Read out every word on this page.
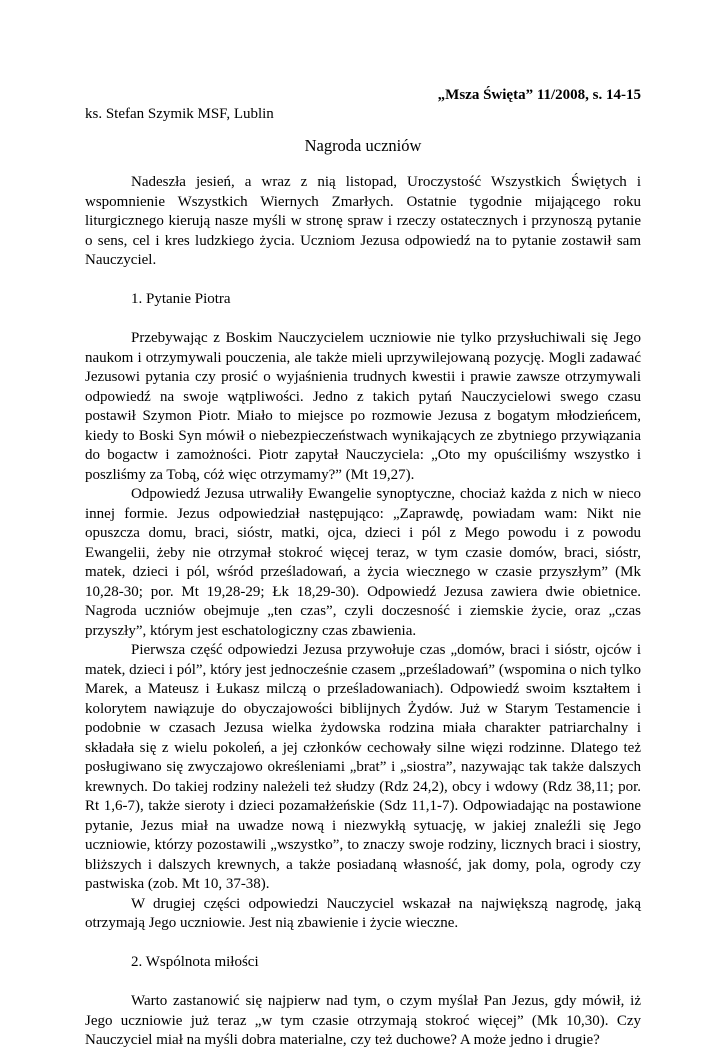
„Msza Święta” 11/2008, s. 14-15
ks. Stefan Szymik MSF, Lublin
Nagroda uczniów

Nadeszła jesień, a wraz z nią listopad, Uroczystość Wszystkich Świętych i wspomnienie Wszystkich Wiernych Zmarłych. Ostatnie tygodnie mijającego roku liturgicznego kierują nasze myśli w stronę spraw i rzeczy ostatecznych i przynoszą pytanie o sens, cel i kres ludzkiego życia. Uczniom Jezusa odpowiedź na to pytanie zostawił sam Nauczyciel.

1. Pytanie Piotra

Przebywając z Boskim Nauczycielem uczniowie nie tylko przysłuchiwali się Jego naukom i otrzymywali pouczenia, ale także mieli uprzywilejowaną pozycję. Mogli zadawać Jezusowi pytania czy prosić o wyjaśnienia trudnych kwestii i prawie zawsze otrzymywali odpowiedź na swoje wątpliwości. Jedno z takich pytań Nauczycielowi swego czasu postawił Szymon Piotr. Miało to miejsce po rozmowie Jezusa z bogatym młodzieńcem, kiedy to Boski Syn mówił o niebezpieczeństwach wynikających ze zbytniego przywiązania do bogactw i zamożności. Piotr zapytał Nauczyciela: „Oto my opuściliśmy wszystko i poszliśmy za Tobą, cóż więc otrzymamy?” (Mt 19,27).

Odpowiedź Jezusa utrwaliły Ewangelie synoptyczne, chociaż każda z nich w nieco innej formie. Jezus odpowiedział następująco: „Zaprawdę, powiadam wam: Nikt nie opuszcza domu, braci, sióstr, matki, ojca, dzieci i pól z Mego powodu i z powodu Ewangelii, żeby nie otrzymał stokroć więcej teraz, w tym czasie domów, braci, sióstr, matek, dzieci i pól, wśród prześladowań, a życia wiecznego w czasie przyszłym” (Mk 10,28-30; por. Mt 19,28-29; Łk 18,29-30). Odpowiedź Jezusa zawiera dwie obietnice. Nagroda uczniów obejmuje „ten czas”, czyli doczesność i ziemskie życie, oraz „czas przyszły”, którym jest eschatologiczny czas zbawienia.

Pierwsza część odpowiedzi Jezusa przywołuje czas „domów, braci i sióstr, ojców i matek, dzieci i pól”, który jest jednocześnie czasem „prześladowań” (wspomina o nich tylko Marek, a Mateusz i Łukasz milczą o prześladowaniach). Odpowiedź swoim kształtem i kolorytem nawiązuje do obyczajowości biblijnych Żydów. Już w Starym Testamencie i podobnie w czasach Jezusa wielka żydowska rodzina miała charakter patriarchalny i składała się z wielu pokoleń, a jej członków cechowały silne więzi rodzinne. Dlatego też posługiwano się zwyczajowo określeniami „brat” i „siostra”, nazywając tak także dalszych krewnych. Do takiej rodziny należeli też słudzy (Rdz 24,2), obcy i wdowy (Rdz 38,11; por. Rt 1,6-7), także sieroty i dzieci pozamałżeńskie (Sdz 11,1-7). Odpowiadając na postawione pytanie, Jezus miał na uwadze nową i niezwykłą sytuację, w jakiej znaleźli się Jego uczniowie, którzy pozostawili „wszystko”, to znaczy swoje rodziny, licznych braci i siostry, bliższych i dalszych krewnych, a także posiadaną własność, jak domy, pola, ogrody czy pastwiska (zob. Mt 10, 37-38).

W drugiej części odpowiedzi Nauczyciel wskazał na największą nagrodę, jaką otrzymają Jego uczniowie. Jest nią zbawienie i życie wieczne.

2. Wspólnota miłości

Warto zastanowić się najpierw nad tym, o czym myślał Pan Jezus, gdy mówił, iż Jego uczniowie już teraz „w tym czasie otrzymają stokroć więcej” (Mk 10,30). Czy Nauczyciel miał na myśli dobra materialne, czy też duchowe? A może jedno i drugie?
